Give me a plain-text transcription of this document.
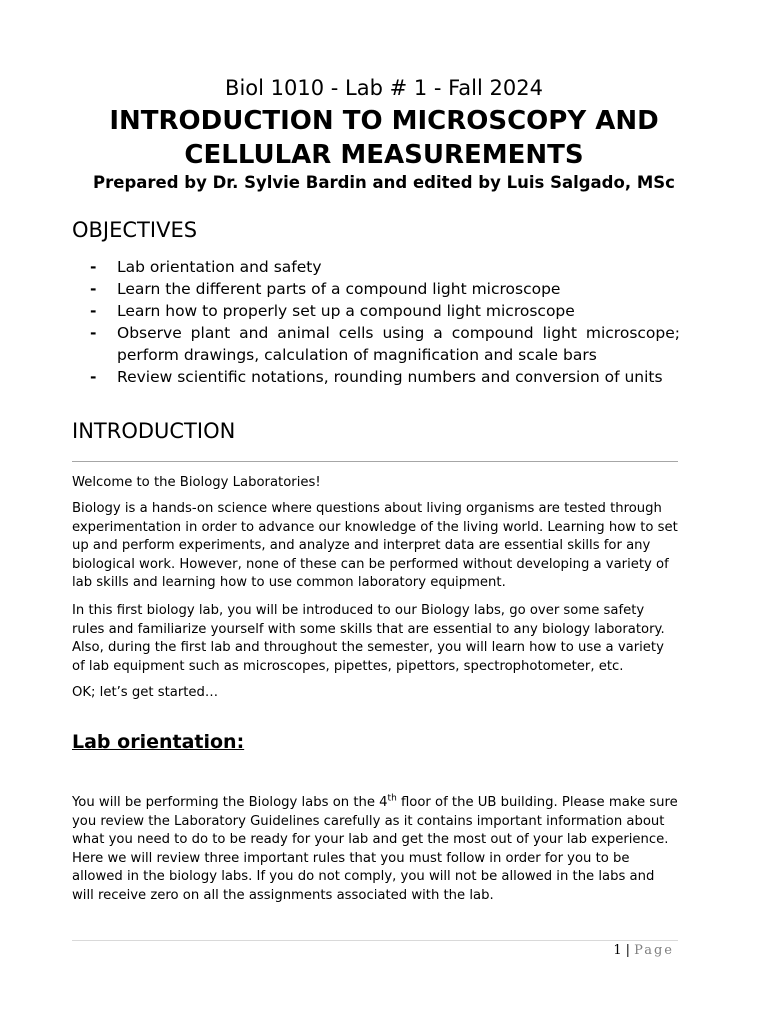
Biol 1010 - Lab # 1 - Fall 2024
INTRODUCTION TO MICROSCOPY AND
CELLULAR MEASUREMENTS
Prepared by Dr. Sylvie Bardin and edited by Luis Salgado, MSc
OBJECTIVES
- Lab orientation and safety
- Learn the different parts of a compound light microscope
- Learn how to properly set up a compound light microscope
- Observe plant and animal cells using a compound light microscope; perform drawings, calculation of magnification and scale bars
- Review scientific notations, rounding numbers and conversion of units
INTRODUCTION

Welcome to the Biology Laboratories!

Biology is a hands-on science where questions about living organisms are tested through experimentation in order to advance our knowledge of the living world. Learning how to set up and perform experiments, and analyze and interpret data are essential skills for any biological work. However, none of these can be performed without developing a variety of lab skills and learning how to use common laboratory equipment.

In this first biology lab, you will be introduced to our Biology labs, go over some safety rules and familiarize yourself with some skills that are essential to any biology laboratory. Also, during the first lab and throughout the semester, you will learn how to use a variety of lab equipment such as microscopes, pipettes, pipettors, spectrophotometer, etc.

OK; let’s get started…

Lab orientation:

You will be performing the Biology labs on the 4th floor of the UB building. Please make sure you review the Laboratory Guidelines carefully as it contains important information about what you need to do to be ready for your lab and get the most out of your lab experience. Here we will review three important rules that you must follow in order for you to be allowed in the biology labs. If you do not comply, you will not be allowed in the labs and will receive zero on all the assignments associated with the lab.

1 | Page
